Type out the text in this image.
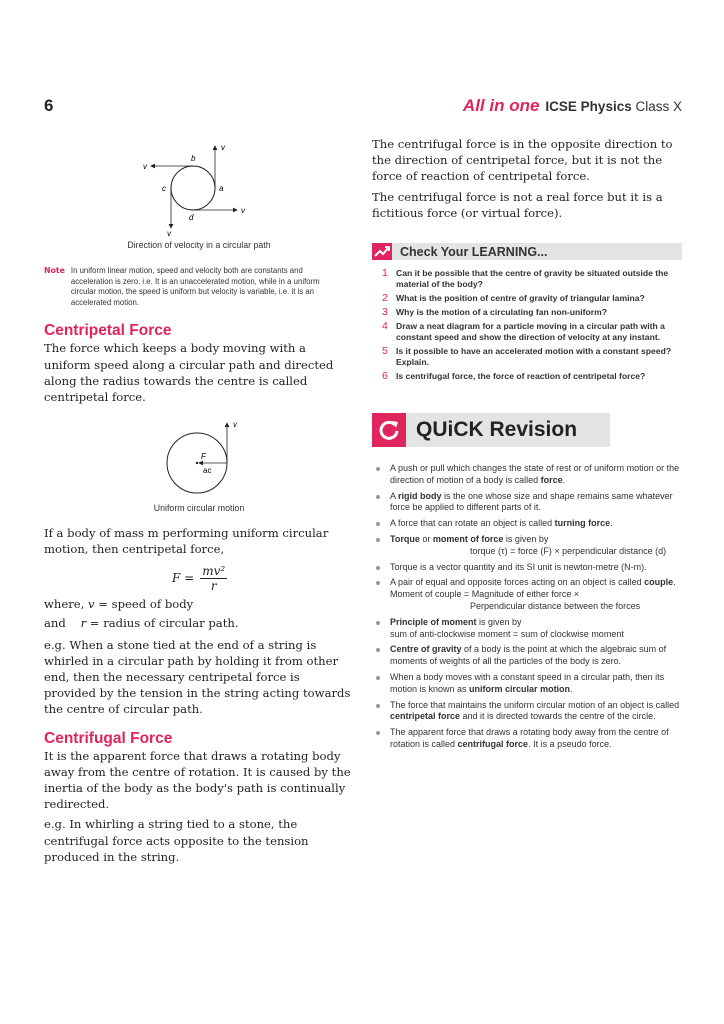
6	All in one ICSE Physics Class X
v
v
v
v
b
a
c
d
Direction of velocity in a circular path
Note In uniform linear motion, speed and velocity both are constants and acceleration is zero. i.e. It is an unaccelerated motion, while in a uniform circular motion, the speed is uniform but velocity is variable, i.e. it is an accelerated motion.
Centripetal Force

The force which keeps a body moving with a uniform speed along a circular path and directed along the radius towards the centre is called centripetal force.

v
F
aᴄ
Uniform circular motion

If a body of mass m performing uniform circular motion, then centripetal force,

$F = \frac{\text{mv²}}{r}$
where, v = speed of body
and r = radius of circular path.

e.g. When a stone tied at the end of a string is whirled in a circular path by holding it from other end, then the necessary centripetal force is provided by the tension in the string acting towards the centre of circular path.

Centrifugal Force

It is the apparent force that draws a rotating body away from the centre of rotation. It is caused by the inertia of the body as the body's path is continually redirected.

e.g. In whirling a string tied to a stone, the centrifugal force acts opposite to the tension produced in the string.

The centrifugal force is in the opposite direction to the direction of centripetal force, but it is not the force of reaction of centripetal force.

The centrifugal force is not a real force but it is a fictitious force (or virtual force).

Check Your LEARNING...
1 Can it be possible that the centre of gravity be situated outside the material of the body?
2 What is the position of centre of gravity of triangular lamina?
3 Why is the motion of a circulating fan non-uniform?
4 Draw a neat diagram for a particle moving in a circular path with a constant speed and show the direction of velocity at any instant.
5 Is it possible to have an accelerated motion with a constant speed? Explain.
6 Is centrifugal force, the force of reaction of centripetal force?
QUiCK Revision
A push or pull which changes the state of rest or of uniform motion or the direction of motion of a body is called force.
A rigid body is the one whose size and shape remains same whatever force be applied to different parts of it.
A force that can rotate an object is called turning force.
Torque or moment of force is given by
torque (τ) = force (F) × perpendicular distance (d)
Torque is a vector quantity and its SI unit is newton-metre (N-m).
A pair of equal and opposite forces acting on an object is called couple.
Moment of couple = Magnitude of either force ×
Perpendicular distance between the forces
Principle of moment is given by
sum of anti-clockwise moment = sum of clockwise moment
Centre of gravity of a body is the point at which the algebraic sum of moments of weights of all the particles of the body is zero.
When a body moves with a constant speed in a circular path, then its motion is known as uniform circular motion.
The force that maintains the uniform circular motion of an object is called centripetal force and it is directed towards the centre of the circle.
The apparent force that draws a rotating body away from the centre of rotation is called centrifugal force. It is a pseudo force.
